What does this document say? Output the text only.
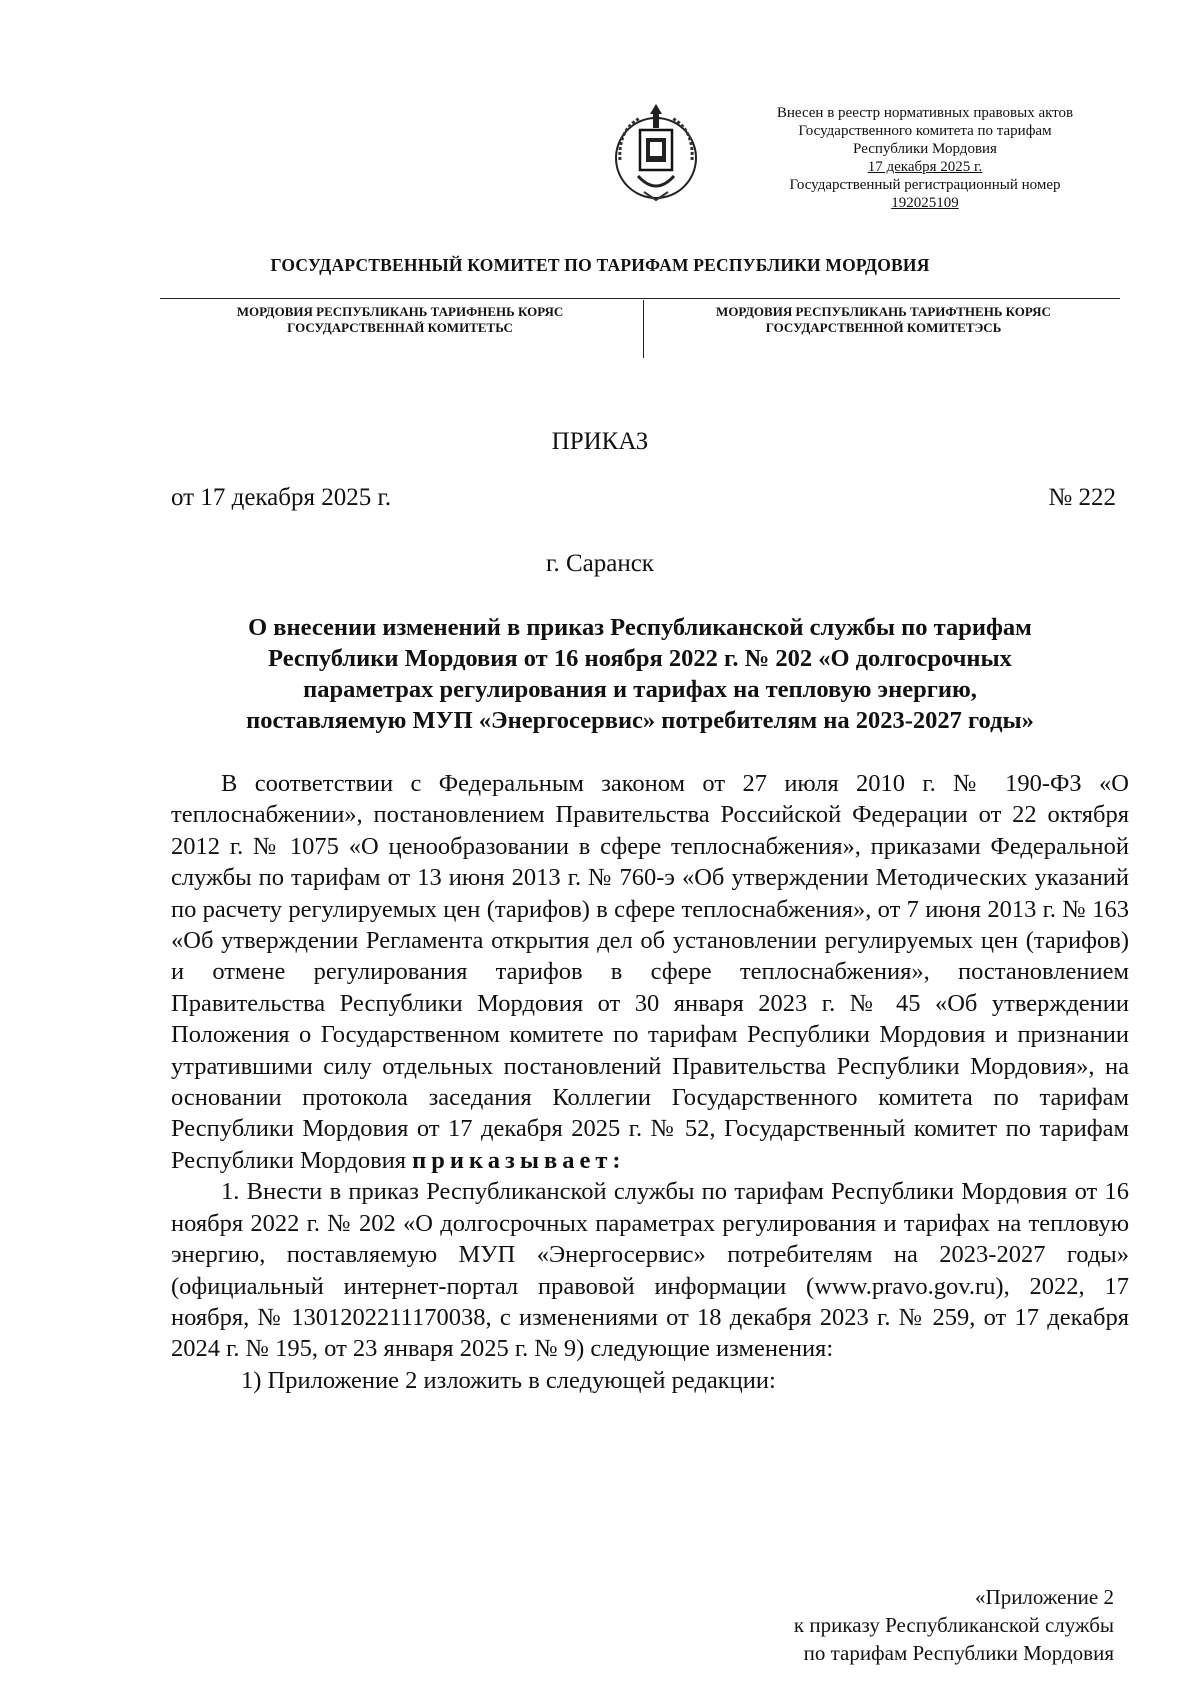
Внесен в реестр нормативных правовых актов
Государственного комитета по тарифам
Республики Мордовия
17 декабря 2025 г.
Государственный регистрационный номер
192025109
ГОСУДАРСТВЕННЫЙ КОМИТЕТ ПО ТАРИФАМ РЕСПУБЛИКИ МОРДОВИЯ
МОРДОВИЯ РЕСПУБЛИКАНЬ ТАРИФНЕНЬ КОРЯС
ГОСУДАРСТВЕННАЙ КОМИТЕТЬС
МОРДОВИЯ РЕСПУБЛИКАНЬ ТАРИФТНЕНЬ КОРЯС
ГОСУДАРСТВЕННОЙ КОМИТЕТЭСЬ
ПРИКАЗ
от 17 декабря 2025 г.	№ 222
г. Саранск
О внесении изменений в приказ Республиканской службы по тарифам
Республики Мордовия от 16 ноября 2022 г. № 202 «О долгосрочных
параметрах регулирования и тарифах на тепловую энергию,
поставляемую МУП «Энергосервис» потребителям на 2023-2027 годы»

В соответствии с Федеральным законом от 27 июля 2010 г. № 190-ФЗ «О теплоснабжении», постановлением Правительства Российской Федерации от 22 октября 2012 г. № 1075 «О ценообразовании в сфере теплоснабжения», приказами Федеральной службы по тарифам от 13 июня 2013 г. № 760-э «Об утверждении Методических указаний по расчету регулируемых цен (тарифов) в сфере теплоснабжения», от 7 июня 2013 г. № 163 «Об утверждении Регламента открытия дел об установлении регулируемых цен (тарифов) и отмене регулирования тарифов в сфере теплоснабжения», постановлением Правительства Республики Мордовия от 30 января 2023 г. № 45 «Об утверждении Положения о Государственном комитете по тарифам Республики Мордовия и признании утратившими силу отдельных постановлений Правительства Республики Мордовия», на основании протокола заседания Коллегии Государственного комитета по тарифам Республики Мордовия от 17 декабря 2025 г. № 52, Государственный комитет по тарифам Республики Мордовия приказывает:

1. Внести в приказ Республиканской службы по тарифам Республики Мордовия от 16 ноября 2022 г. № 202 «О долгосрочных параметрах регулирования и тарифах на тепловую энергию, поставляемую МУП «Энергосервис» потребителям на 2023-2027 годы» (официальный интернет-портал правовой информации (www.pravo.gov.ru), 2022, 17 ноября, № 1301202211170038, с изменениями от 18 декабря 2023 г. № 259, от 17 декабря 2024 г. № 195, от 23 января 2025 г. № 9) следующие изменения:

1) Приложение 2 изложить в следующей редакции:

«Приложение 2
к приказу Республиканской службы
по тарифам Республики Мордовия
